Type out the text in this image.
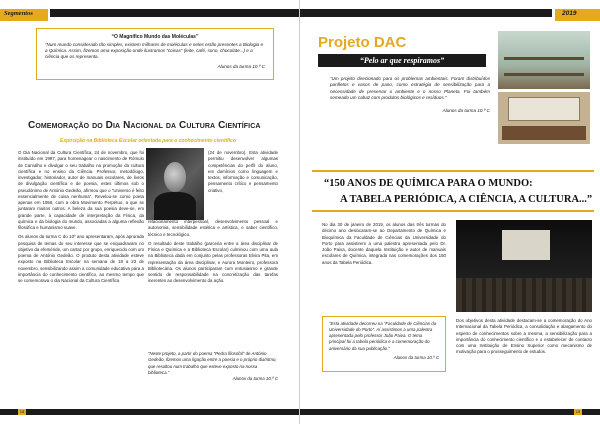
Segmentos
“O Magnífico Mundo das Moléculas”
“Num mundo considerado tão simples, existem milhares de moléculas e neles estão presentes a Biologia e a Química. Assim, fizemos uma exposição onde ilustramos “coisas” (leite, café, sono, chocolate...) e a ciência que os representa.
Alunos da turma 10.º C
Comemoração do Dia Nacional da Cultura Científica
Exposição na Biblioteca Escolar orientada para o conhecimento científico

O Dia Nacional da Cultura Científica, 24 de novembro, que foi instituído em 1997, para homenagear o nascimento de Rómulo de Carvalho e divulgar o seu trabalho na promoção da cultura científica e no ensino da Ciência. Professor, metodólogo, investigador, historiador, autor de manuais escolares, de livros de divulgação científica e de poesia, estes últimos sob o pseudónimo de António Gedeão, afirmou que o “Universo é feito essencialmente de coisa nenhuma”. Revelou-se como poeta apenas em 1956, com a obra Movimento Perpétuo, a que se juntaram muitos outros. A beleza da sua poesia deve-se, em grande parte, à capacidade de interpretação da Física, da química e da biologia do mundo, associadas a alguma reflexão filosófica e humanismo suave.

Os alunos da turma C do 10º ano apresentaram, após aprurada pesquisa de temas do seu interesse que se enquadravam no objetivo da efeméride, um cartaz por grupo, enriquecido com um poema de António Gedeão. O produto desta atividade esteve exposto na Biblioteca Escolar na semana de 18 a 23 de novembro, sensibilizando assim a comunidade educativa para a importância do conhecimento científico, ao mesmo tempo que se comemorava o dia Nacional da Cultura Científica

(24 de novembro). Esta atividade permitiu desenvolver algumas competências do perfil do aluno, em domínios como linguagem e textos, informação e comunicação, pensamento crítico e pensamento criativo,

relacionamento interpessoal, desenvolvimento pessoal e autonomia, sensibilidade estética e artística, e saber científico, técnico e tecnológico.

O resultado deste trabalho (parceria entre a área disciplinar de Física e Química e a Biblioteca Escolar) culminou com uma aula na Biblioteca dada em conjunto pelas professoras Elvira Pita, em representação da área disciplinar, e Aurora Monteiro, professora Bibliotecária. Os alunos participaram com entusiasmo e grande sentido de responsabilidade na concretização das tarefas inerentes ao desenvolvimento da ação.

“Neste projeto, a partir do poema “Pedra filosofal” de António Gedeão, fizemos uma ligação entre a poesia e o próprio dia/ritmo, que resultou num trabalho que esteve exposto na nossa biblioteca.”
Alunos da turma 10.º C
18
2019
Projeto DAC
“Pelo ar que respiramos”
“Um projeto direcionado para os problemas ambientais. Foram distribuídos panfletos e vasos de pano, como estratégia de sensibilização para a necessidade de preservar o ambiente e o nosso Planeta. Foi também semeado um cabaz com produtos biológicos e resíduos.”
Alunos da turma 10.º C
“150 ANOS DE QUÍMICA PARA O MUNDO:
A TABELA PERIÓDICA, A CIÊNCIA, A CULTURA...”

No dia 30 de janeiro de 2019, os alunos das três turmas do décimo ano deslocaram-se ao Departamento de Química e Bioquímica da Faculdade de Ciências da Universidade do Porto para assistirem a uma palestra apresentada pelo Dr. João Paiva, docente daquela Instituição e autor de manuais escolares de Química, integrada nas comemorações dos 150 anos da Tabela Periódica.

“Esta atividade decorreu na “Faculdade de Ciências da Universidade do Porto”. Aí assistimos a uma palestra apresentada pelo professor João Paiva. O tema principal foi a tabela periódica e a comemoração do aniversário da sua publicação.”
Alunos da turma 10.º C

Dos objetivos desta atividade destacam-se a comemoração do Ano Internacional da Tabela Periódica, a consolidação e alargamento do espetro de conhecimentos sobre a mesma, a sensibilização para a importância do conhecimento científico e o estabelecer de contacto com uma Instituição de Ensino Superior como mecanismo de motivação para o prosseguimento de estudos.

19
